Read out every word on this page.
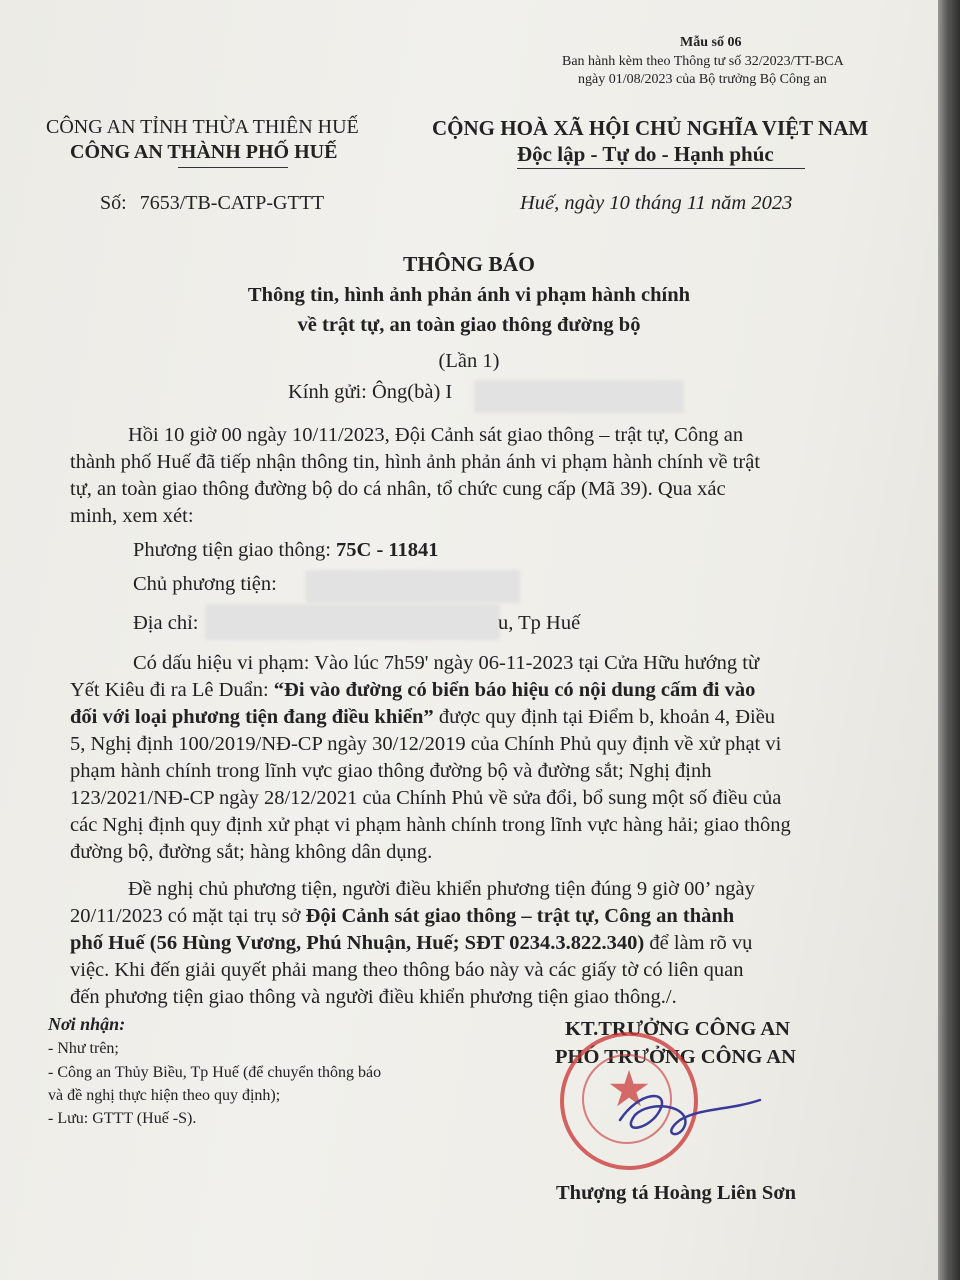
Mẫu số 06
Ban hành kèm theo Thông tư số 32/2023/TT-BCA
ngày 01/08/2023 của Bộ trưởng Bộ Công an
CÔNG AN TỈNH THỪA THIÊN HUẾ
CÔNG AN THÀNH PHỐ HUẾ
Số: 7653/TB-CATP-GTTT
CỘNG HOÀ XÃ HỘI CHỦ NGHĨA VIỆT NAM
Độc lập - Tự do - Hạnh phúc
Huế, ngày 10 tháng 11 năm 2023
THÔNG BÁO
Thông tin, hình ảnh phản ánh vi phạm hành chính
về trật tự, an toàn giao thông đường bộ
(Lần 1)
Kính gửi: Ông(bà) I
Hồi 10 giờ 00 ngày 10/11/2023, Đội Cảnh sát giao thông – trật tự, Công an
thành phố Huế đã tiếp nhận thông tin, hình ảnh phản ánh vi phạm hành chính về trật
tự, an toàn giao thông đường bộ do cá nhân, tổ chức cung cấp (Mã 39). Qua xác
minh, xem xét:
Phương tiện giao thông: 75C - 11841
Chủ phương tiện:
Địa chỉ:	u, Tp Huế
Có dấu hiệu vi phạm: Vào lúc 7h59' ngày 06-11-2023 tại Cửa Hữu hướng từ
Yết Kiêu đi ra Lê Duẩn: “Đi vào đường có biển báo hiệu có nội dung cấm đi vào
đối với loại phương tiện đang điều khiển” được quy định tại Điểm b, khoản 4, Điều
5, Nghị định 100/2019/NĐ-CP ngày 30/12/2019 của Chính Phủ quy định về xử phạt vi
phạm hành chính trong lĩnh vực giao thông đường bộ và đường sắt; Nghị định
123/2021/NĐ-CP ngày 28/12/2021 của Chính Phủ về sửa đổi, bổ sung một số điều của
các Nghị định quy định xử phạt vi phạm hành chính trong lĩnh vực hàng hải; giao thông
đường bộ, đường sắt; hàng không dân dụng.
Đề nghị chủ phương tiện, người điều khiển phương tiện đúng 9 giờ 00’ ngày
20/11/2023 có mặt tại trụ sở Đội Cảnh sát giao thông – trật tự, Công an thành
phố Huế (56 Hùng Vương, Phú Nhuận, Huế; SĐT 0234.3.822.340) để làm rõ vụ
việc. Khi đến giải quyết phải mang theo thông báo này và các giấy tờ có liên quan
đến phương tiện giao thông và người điều khiển phương tiện giao thông./.
Nơi nhận:
- Như trên;
- Công an Thủy Biều, Tp Huế (để chuyển thông báo
và đề nghị thực hiện theo quy định);
- Lưu: GTTT (Huế -S).
KT.TRƯỞNG CÔNG AN
PHÓ TRƯỞNG CÔNG AN
★
Thượng tá Hoàng Liên Sơn
